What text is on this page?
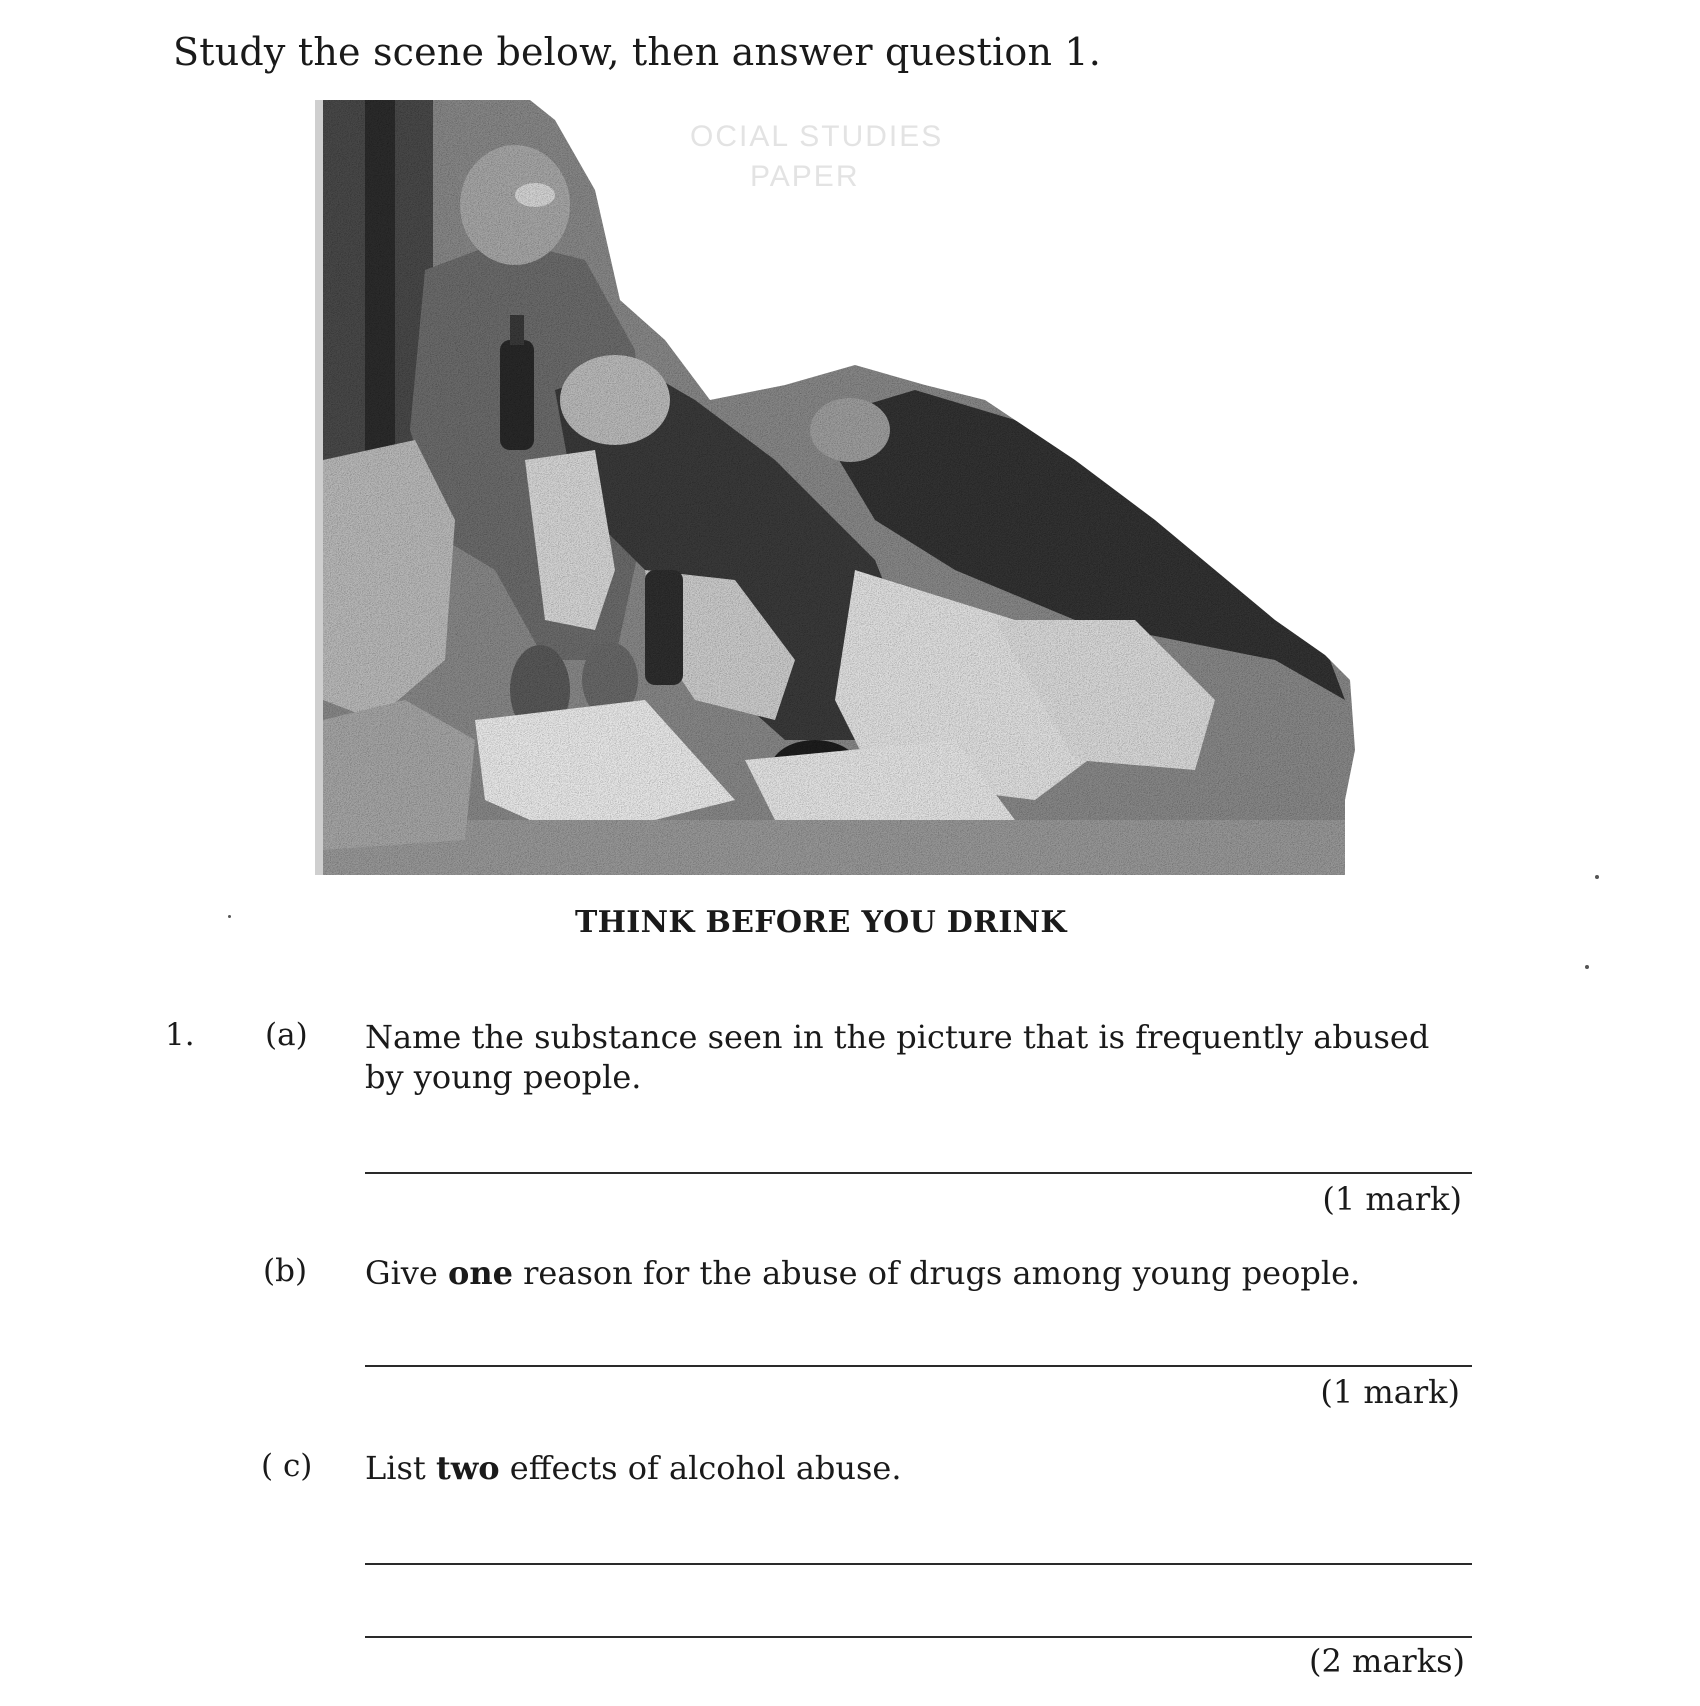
OCIAL STUDIES
PAPER
Study the scene below, then answer question 1.
THINK BEFORE YOU DRINK
1. (a) Name the substance seen in the picture that is frequently abused by young people.
(1 mark)
(b) Give one reason for the abuse of drugs among young people.
(1 mark)
( c) List two effects of alcohol abuse.
(2 marks)
